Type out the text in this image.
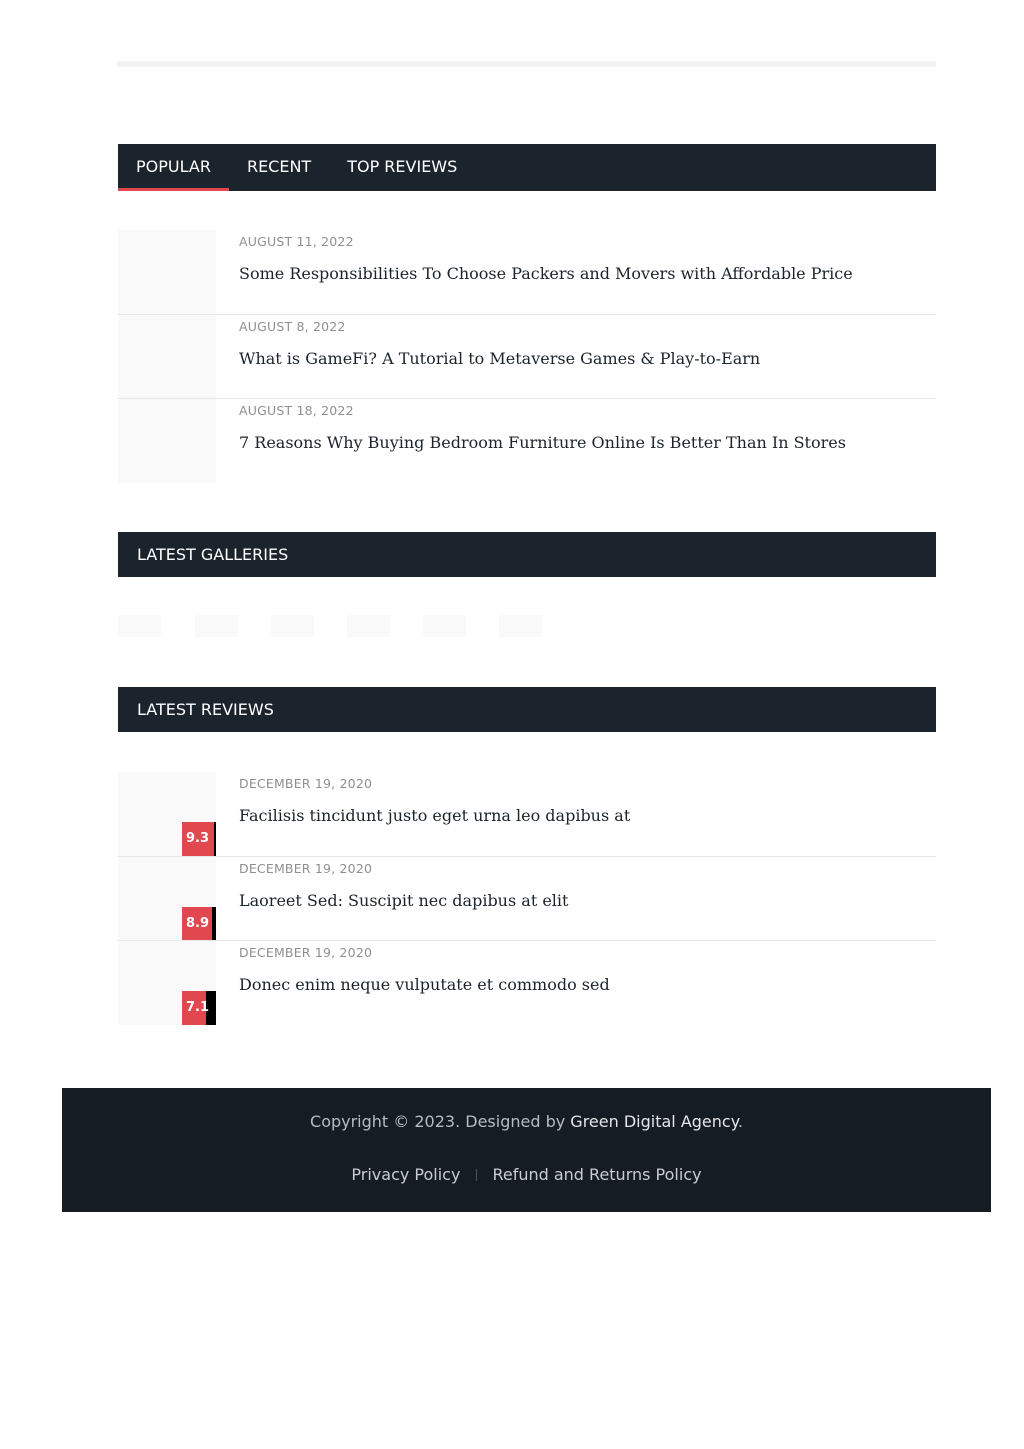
POPULAR	RECENT	TOP REVIEWS
AUGUST 11, 2022
Some Responsibilities To Choose Packers and Movers with Affordable Price
AUGUST 8, 2022
What is GameFi? A Tutorial to Metaverse Games & Play-to-Earn
AUGUST 18, 2022
7 Reasons Why Buying Bedroom Furniture Online Is Better Than In Stores
LATEST GALLERIES
LATEST REVIEWS
9.3
DECEMBER 19, 2020
Facilisis tincidunt justo eget urna leo dapibus at
8.9
DECEMBER 19, 2020
Laoreet Sed: Suscipit nec dapibus at elit
7.1
DECEMBER 19, 2020
Donec enim neque vulputate et commodo sed
Copyright © 2023. Designed by Green Digital Agency.
Privacy Policy Refund and Returns Policy
